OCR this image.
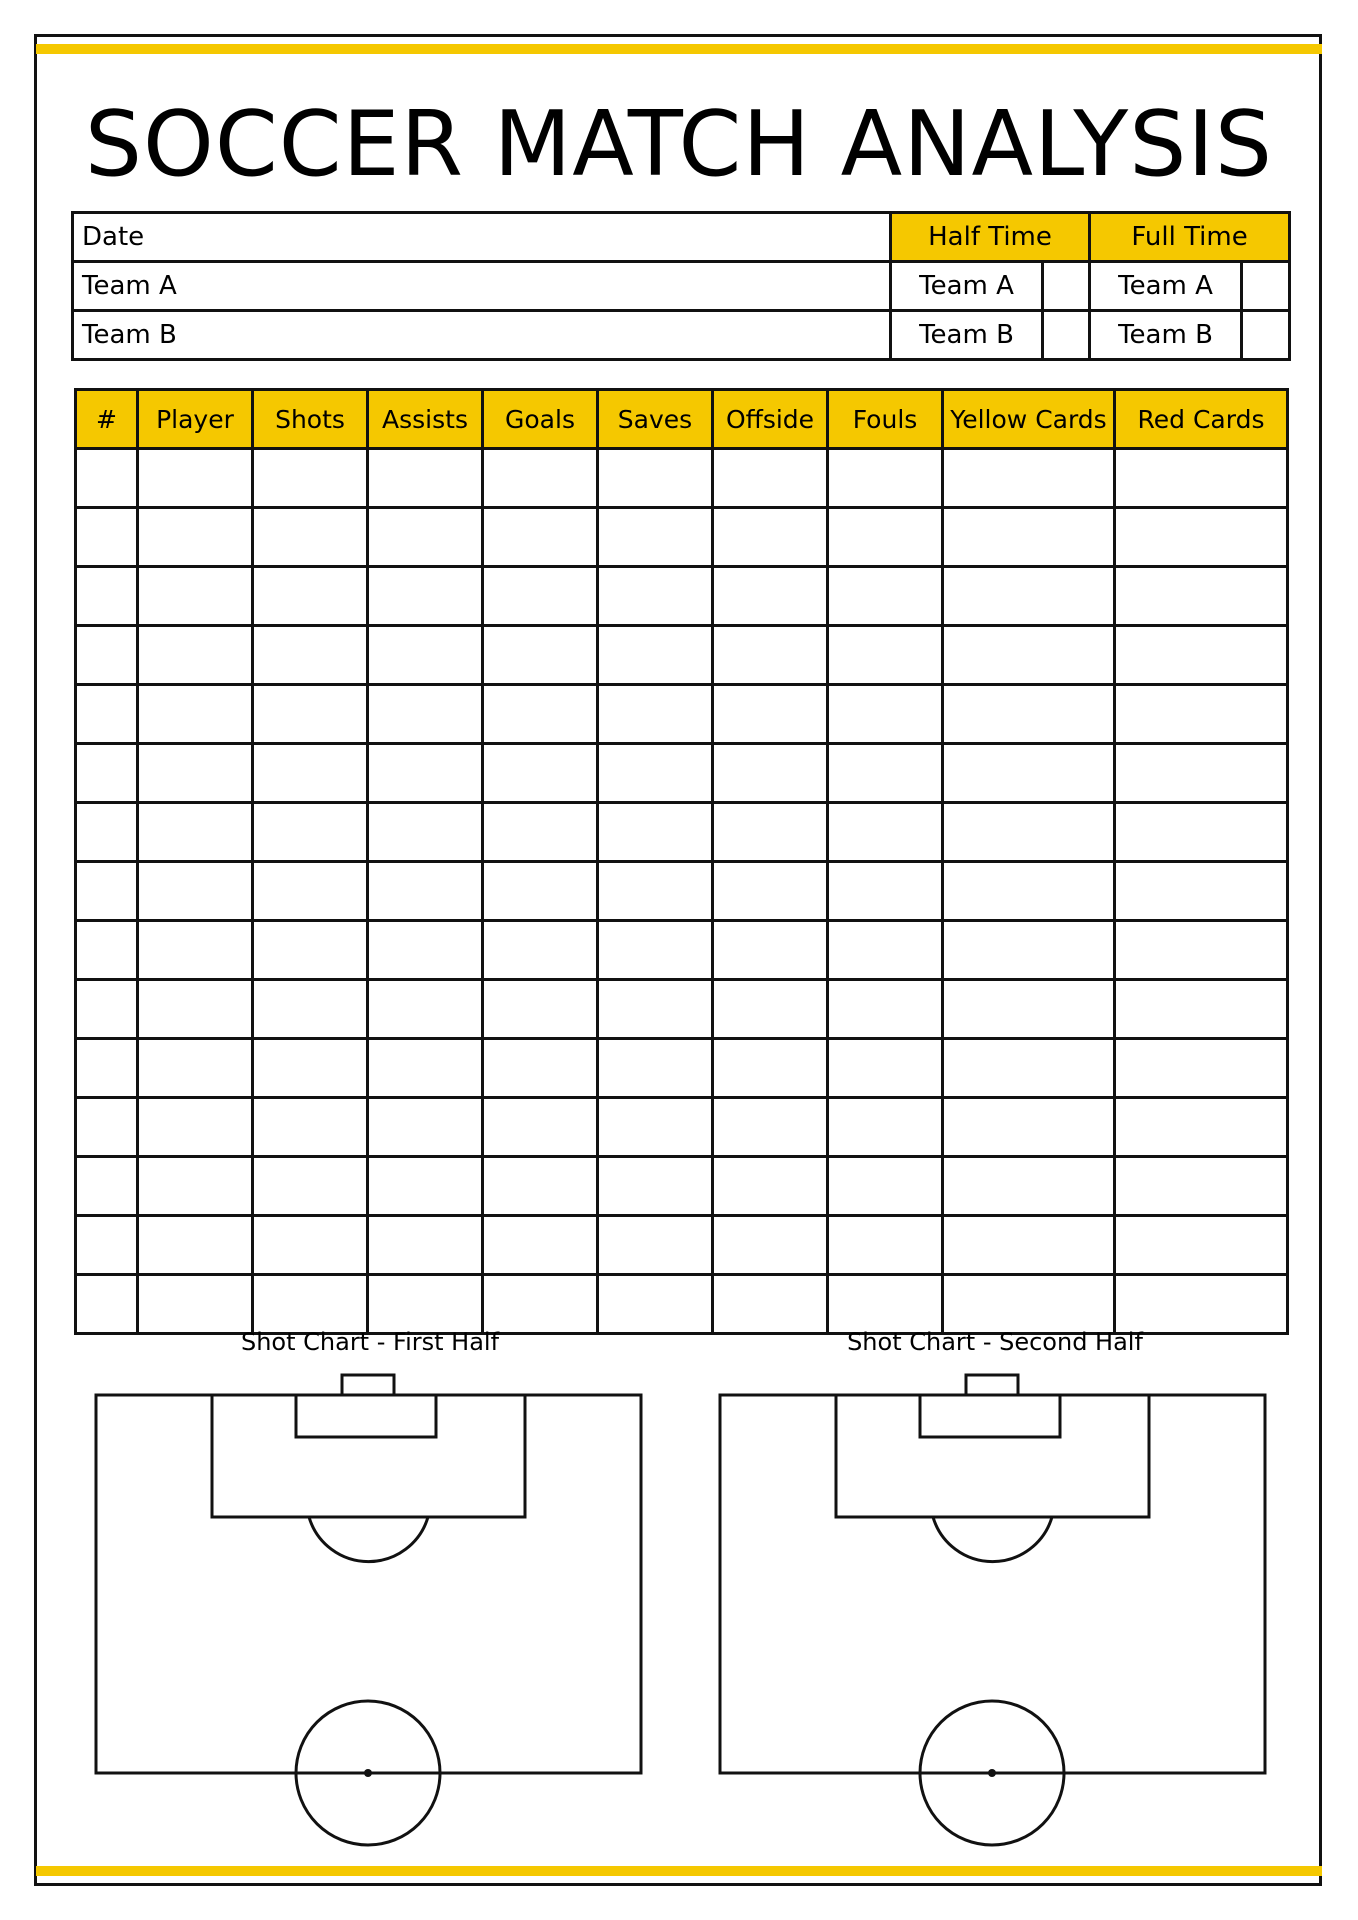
SOCCER MATCH ANALYSIS
Date	Half Time		Full Time	
Team A	Team A		Team A	
Team B	Team B		Team B	
#	Player	Shots	Assists	Goals	Saves	Offside	Fouls	Yellow Cards	Red Cards

Shot Chart - First Half	Shot Chart - Second Half
